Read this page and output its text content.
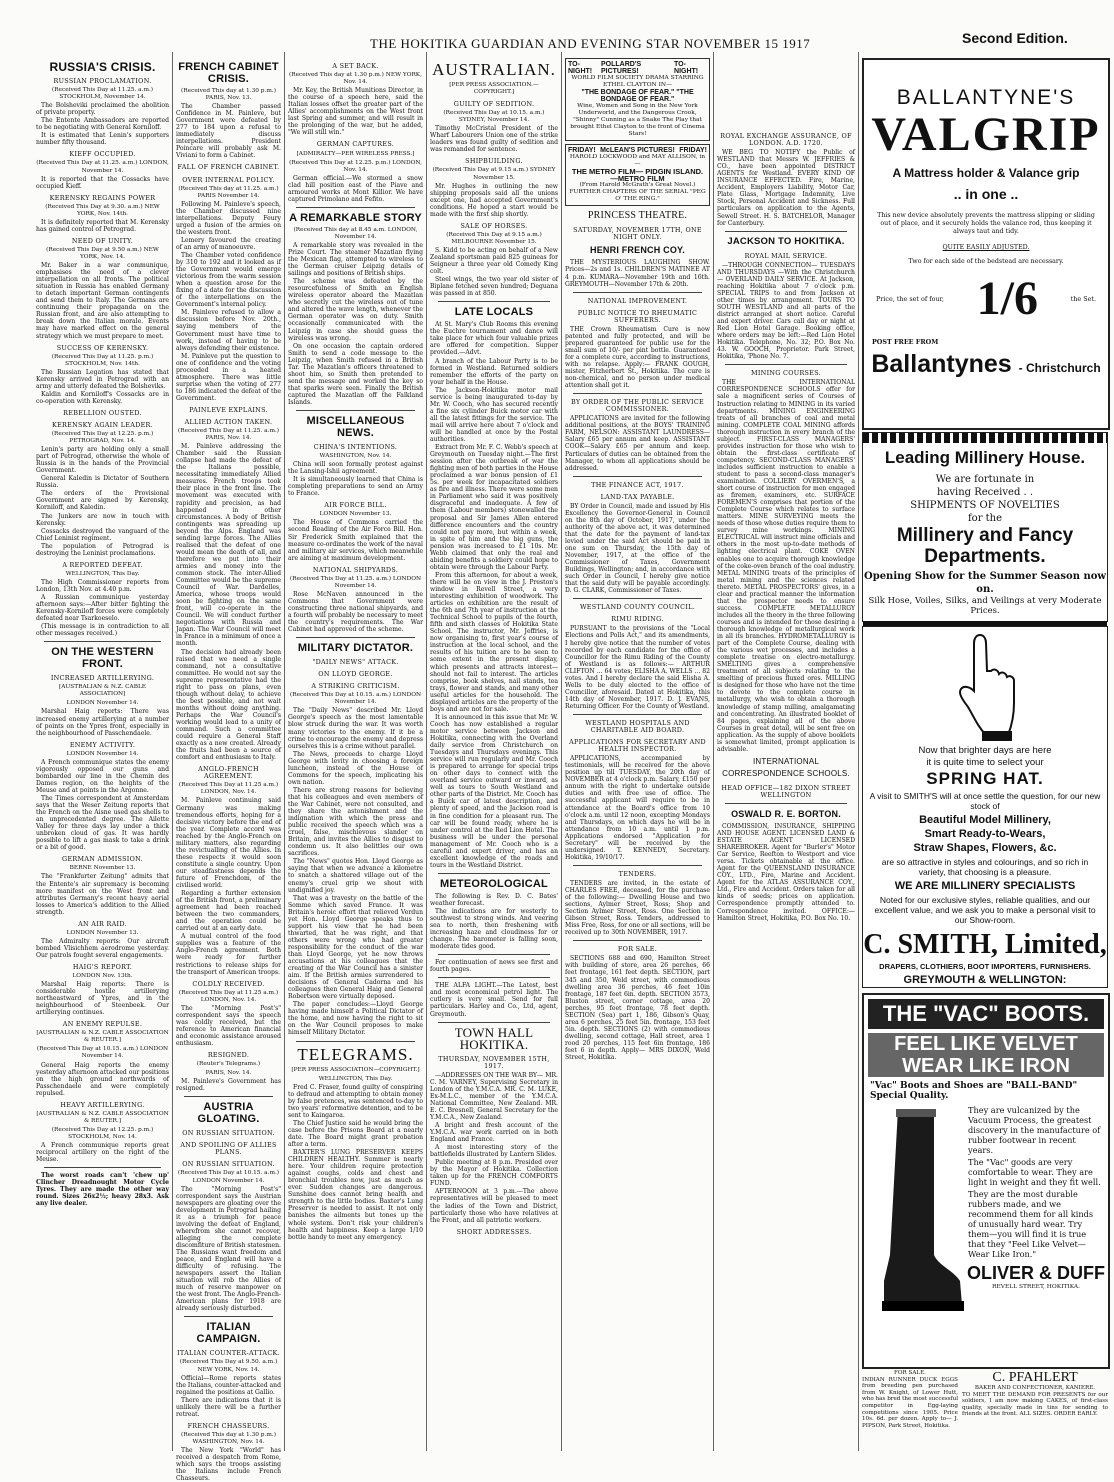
THE HOKITIKA GUARDIAN AND EVENING STAR NOVEMBER 15 1917	Second Edition.
RUSSIA'S CRISIS.
RUSSIAN PROCLAMATION.

(Received This Day at 11.25. a.m.) STOCKHOLM, November 14.

The Bolsheviki proclaimed the abolition of private property.

The Entente Ambassadors are reported to be negotiating with General Korniloff.

It is estimated that Lenin's supporters number fifty thousand.

KIEFF OCCUPIED.

(Received This Day at 11.25. a.m.) LONDON, November 14.

It is reported that the Cossacks have occupied Kieff.

KERENSKY REGAINS POWER

(Received This Day at 9.30. a.m.) NEW YORK, Nov. 14th.

It is definitely reported that M. Kerensky has gained control of Petrograd.

NEED OF UNITY.

(Received This Day at 9.50 a.m.) NEW YORK, Nov. 14.

Mr. Baker in a war communique, emphasises the need of a clever interpellation on all fronts. The political situation in Russia has enabled Germany to detach important German contingents and send them to Italy. The Germans are continuing their propaganda on the Russian front, and are also attempting to break down the Italian morale. Events may have marked effect on the general strategy which we must prepare to meet.

SUCCESS OF KERENSKY.

(Received This Day at 11.25. p.m.) STOCKHOLM, Nov. 14th.

The Russian Legation has stated that Kerensky arrived in Petrograd with an army and utterly defeated the Bolsheviks.

Kaldin and Korniloff's Cossacks are in co-operation with Kerensky.

REBELLION OUSTED.
KERENSKY AGAIN LEADER.

(Received This Day at 12.25. p.m.) PETROGRAD, Nov. 14.

Lenin's party are holding only a small part of Petrograd, otherwise the whole of Russia is in the hands of the Provincial Government.

General Kaledin is Dictator of Southern Russia.

The orders of the Provisional Government are signed by Kerensky, Korniloff, and Kaledin.

The Junkers are now in touch with Kerensky.

Cossacks destroyed the vanguard of the Chief Leninist regiment.

The population of Petrograd is destroying the Leninist proclamations.

A REPORTED DEFEAT.

WELLINGTON, This Day.

The High Commissioner reports from London, 13th Nov. at 4.40 p.m.

A Russian communique yesterday afternoon says:—After bitter fighting the Kerensky-Korniloff forces were completely defeated near Tsarkoeselo.

(This message is in contradiction to all other messages received.)

ON THE WESTERN FRONT.
INCREASED ARTILLERYING.

[AUSTRALIAN & N.Z. CABLE ASSOCIATION]

LONDON November 14.

Marshal Haig reports: There was increased enemy artillerying at a number of points on the Ypres front, especially in the neighbourhood of Passchendaele.

ENEMY ACTIVITY.

LONDON November 14.

A French communique states the enemy vigorously opposed our guns and bombarded our line in the Chemin des Dames region, on the heights of the Meuse and at points in the Argonne.

The Times correspondent at Amsterdam says that the Weser Zeitung reports that the French on the Aisne used gas shells to an unprecedented degree. The Ailette Valley for three days lay under a thick unbroken cloud of gas. It was hardly possible to lift a gas mask to take a drink or a bit of good.

GERMAN ADMISSION.

BERNE November 13.

The "Frankfurter Zeitung" admits that the Entente's air supremacy is becoming more manifest on the West front and attributes Germany's recent heavy aerial losses to America's addition to the Allied strength.

AN AIR RAID.

LONDON November 13.

The Admiralty reports: Our aircraft bombed Vlisichhem aerodrome yesterday. Our patrols fought several engagements.

HAIG'S REPORT.

LONDON Nov. 13th.

Marshal Haig reports: There is considerable hostile artillerying northeastward of Ypres, and in the neighbourhood of Steenbeek. Our artillerying continues.

AN ENEMY REPULSE.

[AUSTRALIAN & N.Z. CABLE ASSOCIATION & REUTER.]

(Received This Day at 10.15. a.m.) LONDON November 14.

General Haig reports the enemy yesterday afternoon attacked our positions on the high ground northwards of Passchendaele and were completely repulsed.

HEAVY ARTILLERYING.

[AUSTRALIAN & N.Z. CABLE ASSOCIATION & REUTER.]

(Received This Day at 12.25. p.m.) STOCKHOLM, Nov. 14.

A French communique reports great reciprocal artillery on the right of the Meuse.

The worst roads can't 'chew up' Clincher Dreadnought Motor Cycle Tyres. They are made the other way round. Sizes 26x2½; heavy 28x3. Ask any live dealer.

FRENCH CABINET CRISIS.

(Received This day at 1.30 p.m.) PARIS, Nov. 13.

The Chamber passed Confidence in M. Painleve, but Government were defeated by 277 to 184 upon a refusal to immediately discuss interpellations. President Poincare will probably ask M. Viviani to form a Cabinet.

FALL OF FRENCH CABINET.
OVER INTERNAL POLICY.

(Received This day at 11.25. a.m.) PARIS November 14.

Following M. Painleve's speech, the Chamber discussed nine interpellations. Deputy Feury urged a fusion of the armies on the western front.

Lemery favoured the creating of an army of manoeuvre.

The Chamber voted confidence by 310 to 192 and it looked as if the Government would emerge victorious from the warm session when a question arose for the fixing of a date for the discussion of the interpellations on the Government's internal policy.

M. Painleve refused to allow a discussion before Nov. 20th., saying members of the Government must have time to work, instead of having to be always defending their existence.

M. Painleve put the question to one of confidence and the voting proceeded in a heated atmosphere. There was little surprise when the voting of 277 to 186 indicated the defeat of the Government.

PAINLEVE EXPLAINS.
ALLIED ACTION TAKEN.

(Received This Day at 11.25. a.m.) PARIS, Nov. 14.

M. Painleve addressing the Chamber said the Russian collapse had made the defeat of the Italians possible, necessitating immediately Allied measures. French troops took their place in the front line. The movement was executed with rapidity and precision, as had happened in other circumstances. A body of British contingents was spreading up beyond the Alps. England was sending large forces. The Allies realised that the defeat of one would mean the death of all, and therefore we put into their armies and money into the common stock. The inter-Allied Committee would be the supreme Council of War. Dardelles, America, whose troops would soon be fighting on the same front, will co-operate in the Council. We will conduct further negotiations with Russia and Japan. The War Council will meet in France in a minimum of once a month.

The decision had already been raised that we need a single command, not a consultative committee. He would not say the supreme representative had the right to pass on plans, even though without delay, to achieve the best possible, and not wait months without doing anything. Perhaps the War Council's working would lead to a unity of command. Such a committee could require a General Staff exactly as a new created. Already the fruits had been a source of comfort and enthusiasm to Italy.

ANGLO-FRENCH AGREEMENT.

(Received This Day at 11.25 a.m.) LONDON, Nov. 14.

M. Painleve continuing said Germany was making tremendous efforts, hoping for a decisive victory before the end of the year. Complete accord was reached by the Anglo-French on military matters, also regarding the revictualling of the Allies. In these respects it would soon constitute a single country. Upon our steadfastness depends the future of Frenchdom, of the civilised world.

Regarding a further extension of the British front, a preliminary agreement had been reached between the two commanders, and the operation could be carried out at an early date.

A mutual control of the food supplies was a feature of the Anglo-French agreement. Both were ready for further restrictions to release ships for the transport of American troops.

COLDLY RECEIVED.

(Received This Day at 11.25 a.m.) LONDON, Nov. 14.

The "Morning Post's" correspondent says the speech was coldly received, but the reference to American financial and economic assistance aroused enthusiasm.

RESIGNED.

(Reuter's Telegrams.)

PARIS, Nov. 14.

M. Painleve's Government has resigned.

AUSTRIA GLOATING.
ON RUSSIAN SITUATION.
AND SPOILING OF ALLIES PLANS.
ON RUSSIAN SITUATION.

(Received This Day at 10.15. a.m.) LONDON November 14.

The "Morning Post's" correspondent says the Austrian newspapers are gloating over the development in Petrograd hailing it as a triumph for peace involving the defeat of England, wherefrom she cannot recover, alleging the complete discomfiture of British statesmen. The Russians want freedom and peace, and England will have a difficulty of refusing. The newspapers assert the Italian situation will rob the Allies of much of reserve manpower on the west front. The Anglo-French-American plans for 1918 are already seriously disturbed.

ITALIAN CAMPAIGN.
ITALIAN COUNTER-ATTACK.

(Received This Day at 9.50. a.m.) NEW YORK, Nov. 14.

Official—Rome reports states the Italians, counter-attacked and regained the positions at Gallio.

There are indications that it is unlikely there will be a further retreat.

FRENCH CHASSEURS.

(Received This day at 1.30 p.m.) WASHINGTON, Nov. 14.

The New York "World" has received a despatch from Rome, which says the troops assisting the Italians include French Chasseurs.

A SET BACK.

(Received This day at 1.30 p.m.) NEW YORK, Nov. 14.

Mr. Key, the British Munitions Director, in the course of a speech here, said the Italian losses offset the greater part of the Allies' accomplishments on the West front last Spring and summer, and will result in the prolonging of the war, but he added, "We will still win."

GERMAN CAPTURES.

[ADMIRALTY—PER WIRELESS PRESS.]

(Received This Day at 12.25. p.m.) LONDON, Nov. 14.

German official.—We stormed a snow clad hill position east of the Piave and armoured works at Mont Killior. We have captured Primolano and Fefito.

A REMARKABLE STORY

(Received This day at 8.45 a.m. LONDON, November 14.

A remarkable story was revealed in the Prize Court. The steamer Mazatlan flying the Mexican flag, attempted to wireless to the German cruiser Leipzig details of sailings and positions of British ships.

The scheme was defeated by the resourcefulness of Smith an English wireless operator aboard the Mazatlan who secretly cut the wireless out of tune and altered the wave length, whenever the German operator was on duty. Smith occasionally communicated with the Leipzig in case she should guess the wireless was wrong.

On one occasion the captain ordered Smith to send a code message to the Leipzig, when Smith refused in a British Tar. The Mazatlan's officers threatened to shoot him, so Smith then pretended to send the message and worked the key so that sparks were seen. Finally the British captured the Mazatlan off the Falkland Islands.

MISCELLANEOUS NEWS.
CHINA'S INTENTIONS.

WASHINGTON, Nov. 14.

China will soon formally protest against the Lansing-Ishii agreement.

It is simultaneously learned that China is completing preparations to send an Army to France.

AIR FORCE BILL.

LONDON November 13.

The House of Commons carried the second Reading of the Air Force Bill. Hon. Sir Frederick Smith explained that the measure co-ordinates the work of the naval and military air services, which meanwhile are aiming at maximum development.

NATIONAL SHIPYARDS.

(Received This Day at 11.25. a.m.) LONDON November 14.

Rose McNaven announced in the Commons that Government were constructing three national shipyards, and a fourth will probably be necessary to meet the country's requirements. The War Cabinet had approved of the scheme.

MILITARY DICTATOR.
"DAILY NEWS" ATTACK.
ON LLOYD GEORGE.
A STRIKING CRITICISM.

(Received This Day at 10.15. a.m.) LONDON November 14.

The "Daily News" described Mr. Lloyd George's speech as the most lamentable blow struck during the war. It was worth many victories to the enemy. If it be a crime to encourage the enemy and depress ourselves this is a crime without parallel.

The News, proceeds to charge Lloyd George with levity in choosing a foreign luncheon, instead of the House of Commons for the speech, implicating his own nation.

There are strong reasons for believing that his colleagues and even members of the War Cabinet, were not consulted, and they share the astonishment and the indignation with which the press and public received the speech which was a cruel, false, mischievous slander on Britain, and invites the Allies to disgust to condemn us. It also belittles our own sacrifices.

The "News" quotes Hon. Lloyd George as saying that when we advance a kilometre to snatch a shattered village out of the enemy's cruel grip we shout with undignified joy.

That was a travesty on the battle of the Somme which saved France. It was Britain's heroic effort that relieved Verdun yet Hon. Lloyd George speaks thus to support his view that he had been thwarted, that he was right, and that others were wrong who had greater responsibility for the conduct of the war than Lloyd George, yet he now throws accusations at his colleagues that the creating of the War Council has a sinister aim. If the British armies surrendered to decisions of General Cadorna and his colleagues then General Haig and General Robertson were virtually deposed.

The paper concludes:—Lloyd George having made himself a Political Dictator of the home, and now having the right to sit on the War Council proposes to make himself Military Dictator.

TELEGRAMS.

[PER PRESS ASSOCIATION—COPYRIGHT.]

WELLINGTON, This Day.

Fred C. Fraser, found guilty of conspiring to defraud and attempting to obtain money by false pretences, was sentenced to-day to two years' reformative detention, and to be sent to Kaingaroa.

The Chief Justice said he would bring the case before the Prisons Board at a nearly date. The Board might grant probation after a term.

BAXTER'S LUNG PRESERVER KEEPS CHILDREN HEALTHY. Summer is nearly here. Your children require protection against coughs, colds and chest and bronchial troubles now, just as much as ever. Sudden changes are dangerous. Sunshine does cannot bring health and strength to the little bodies. Baxter's Lung Preserver is needed to assist. It not only banishes the ailments but tones up the whole system. Don't risk your children's health and happiness. Keep a large 1/10 bottle handy to meet any emergency.

AUSTRALIAN.

[PER PRESS ASSOCIATION.—COPYRIGHT.]

GUILTY OF SEDITION.

(Received This Day at 10.15. a.m.) SYDNEY, November 14.

Timothy McCristal President of the Wharf Labourers Union one of the strike leaders was found guilty of sedition and was remanded for sentence.

SHIPBUILDING.

(Received This Day at 9.15 a.m.) SYDNEY November 15.

Mr. Hughes in outlining the new shipping proposals said all the unions except one, had accepted Government's conditions. He hoped a start would be made with the first ship shortly.

SALE OF HORSES.

(Received This Day at 9.15 a.m.) MELBOURNE November 15.

S. Kidd to be acting on behalf of a New Zealand sportsman paid 825 guineas for Seigneur a three year old Comedy King colt.

Steel wings, the two year old sister of Biplane fetched seven hundred; Deguana was passed in at 850.

LATE LOCALS

At St. Mary's Club Rooms this evening the Euchre tournament and dance will take place for which four valuable prizes are offered for competition. Supper provided.—Advt.

A branch of the Labour Party is to be formed in Westland. Returned soldiers remember the efforts of the party on your behalf in the House.

The Jackson-Hokitika motor mail service is being inaugurated to-day by Mr. W. Cooch, who has secured recently a fine six cylinder Buick motor car with all the latest fittings for the service. The mail will arrive here about 7 o'clock and will be handled at once by the Postal authorities.

Extract from Mr. F. C. Webb's speech at Greymouth on Tuesday night.—The first session after the outbreak of war the fighting men of both parties in the House proclaimed a war bonus pension of £1 5s. per week for incapacitated soldiers as fire and illness. There were some men in Parliament who said it was positively disgraceful and inadequate. A few of them (Labour members) stonewalled the proposal and Sir James Allen entered difference encounters and the country could not pay more, but within a week, in spite of him and the big guns, the pension was increased to £1 10s. Mr. Webb claimed that only the real and abiding benefits a soldiery could hope to obtain were through the Labour Party.

From this afternoon, for about a week, there will be on view in the J. Preston's window in Revell Street, a very interesting exhibition of woodwork. The articles on exhibition are the result of the 6th and 7th year of instruction at the Technical School to pupils of the fourth, fifth and sixth classes of Hokitika State School. The instructor, Mr. Jeffries, is now organising to, first year's course of instruction at the local school, and the results of his tuition are to be seen to some extent in the present display, which presents and attracts interest—should not fail to interest. The articles comprise, book shelves, nail stands, tea trays, flower and stands, and many other useful articles for the household. The displayed articles are the property of the boys and are not for sale.

It is announced in this issue that Mr. W. Cooch has now established a regular motor service between Jackson and Hokitika, connecting with the Overland daily service from Christchurch on Tuesdays and Thursdays evenings. This service will run regularly and Mr. Cooch is prepared to arrange for special trips on other days to connect with the overland service outward or inward, as well as tours to South Westland and other parts of the District. Mr. Cooch has a Buick car of latest description, and plenty of speed, and the Jackson road is in fine condition for a pleasant run. The car will be found ready, where he is under control at the Red Lion Hotel. The business will be under the personal management of Mr. Cooch who is a careful and expert driver, and has an excellent knowledge of the roads and tours in the Westland District.

METEOROLOGICAL

The following is Rev. D. C. Bates' weather forecast.

The indications are for westerly to southwest to strong winds. And veering sea to north, then freshening with increasing haze and cloudiness for or change. The barometer is falling soon, moderate tides good.

For continuation of news see first and fourth pages.

THE ALFA LIGHT.—The Latest, best and most economical petrol light. The cutlery is very small. Send for full particulars. Harley and Co., Ltd, agent, Greymouth.

TOWN HALL HOKITIKA.
THURSDAY, NOVEMBER 15TH, 1917.

—ADDRESSES ON THE WAR BY— MR. C. M. VARNEY, Supervising Secretary in London of the Y.M.C.A. MR. C. M. LUKE, Ex-M.L.C., member of the Y.M.C.A. National Committee, New Zealand. MR. E. C. Bresnell, General Secretary for the Y.M.C.A., New Zealand.

A bright and fresh account of the Y.M.C.A. war work carried on in both England and France.

A most interesting story of the battlefields illustrated by Lantern Slides.

Public meeting at 8 p.m. Presided over by the Mayor of Hokitika. Collection taken up for the FRENCH COMFORTS FUND.

AFTERNOON at 3 p.m.—The above representatives will be pleased to meet the ladies of the Town and District, particularly those who have relatives at the Front, and all patriotic workers.

SHORT ADDRESSES.
TO-NIGHT!
POLLARD'S PICTURES!
TO-NIGHT!
WORLD FILM SOCIETY DRAMA STARRING ETHEL CLAYTON IN—
"THE BONDAGE OF FEAR." "THE BONDAGE OF FEAR."
Wine, Women and Song in the New York Underworld, and the Dangerous Crook, "Shinny" Cunning as a Snake The Play that brought Ethel Clayton to the front of Cinema Stars!
FRIDAY! McLEAN'S PICTURES! FRIDAY!
HAROLD LOCKWOOD and MAY ALLISON, in—
THE METRO FILM— PIDGIN ISLAND. —METRO FILM
(From Harold McGrath's Great Novel.)
FURTHER CHAPTERS OF THE SERIAL "PEG O' THE RING."
PRINCESS THEATRE.
SATURDAY, NOVEMBER 17TH, ONE NIGHT ONLY.
HENRI FRENCH COY.

THE MYSTERIOUS LAUGHING SHOW. Prices—2s and 1s. CHILDREN'S MATINEE AT 4 p.m. KUMARA—November 19th and 16th. GREYMOUTH—November 17th & 20th.

NATIONAL IMPROVEMENT.
PUBLIC NOTICE TO RHEUMATIC SUFFERERS.

THE Crown Rheumatism Cure is now patented and fully protected, and will be prepared guaranteed for public use for the small sum of 10/- per pint bottle. Guaranteed for a complete cure, according to instructions, with no relapse. Apply:— FRANK GOUGH, mister, Fitzherbert St., Hokitika. The cure is non-chemical, and no person under medical attention shall get it.

BY ORDER OF THE PUBLIC SERVICE COMMISSIONER.

APPLICATIONS are invited for the following additional positions, at the BOYS' TRAINING FARM, NELSON: ASSISTANT LAUNDRESS—Salary £65 per annum and keep. ASSISTANT COOK—Salary £65 per annum and keep. Particulars of duties can be obtained from the Manager, to whom all applications should be addressed.

THE FINANCE ACT, 1917.
LAND-TAX PAYABLE.

BY Order in Council, made and issued by His Excellency the Governor-General in Council on the 8th day of October, 1917, under the authority of the above act, it was determined that the date for the payment of land-tax levied under the said Act should be paid in one sum on Thursday, the 15th day of November, 1917, at the office of the Commissioner of Taxes, Government Buildings, Wellington; and, in accordance with such Order in Council, I hereby give notice that the said duty will be payable accordingly. D. G. CLARK, Commissioner of Taxes.

WESTLAND COUNTY COUNCIL.
RIMU RIDING.

PURSUANT to the provisions of the "Local Elections and Polls Act," and its amendments, I hereby give notice that the number of votes recorded by each candidate for the office of Councillor for the Rimu Riding of the County of Westland is as follows:— ARTHUR CLIFTON ... 64 votes; ELISHA A. WELLS ... 82 votes. And I hereby declare the said Elisha A. Wells to be duly elected to the office of Councillor, aforesaid. Dated at Hokitika, this 14th day of November, 1917. D. J. EVANS, Returning Officer. For the County of Westland.

WESTLAND HOSPITALS AND CHARITABLE AID BOARD.
APPLICATIONS FOR SECRETARY AND HEALTH INSPECTOR.

APPLICATIONS, accompanied by testimonials, will be received for the above position up till TUESDAY, the 20th day of NOVEMBER at 4 o'clock p.m. Salary, £150 per annum with the right to undertake outside duties and with free use of office. The successful applicant will require to be in attendance at the Board's office from 10 o'clock a.m. until 12 noon, excepting Mondays and Thursdays, on which days he will be in attendance from 10 a.m. until 1 p.m. Applications endorsed "Application for Secretary" will be received by the undersigned. T. KENNEDY, Secretary. Hokitika, 19/10/17.

TENDERS.

TENDERS are invited, in the estate of CHARLES FREE, deceased, for the purchase of the following:— Dwelling House and two sections, Aylmer Street, Ross; Shop and Section Aylmer Street, Ross. One Section in Gibson Street, Ross. Tenders, addressed to Miss Free, Ross, for one or all sections, will be received up to 30th NOVEMBER, 1917.

FOR SALE.

SECTIONS 688 and 690, Hamilton Street with building of store, area 26 perches, 66 feet frontage, 161 feet depth. SECTION, part 345 and 350, Weld street, with commodious dwelling area 36 perches, 46 feet 10in frontage, 187 feet 6in. depth. SECTION 3573, Bluston street, corner cottage, area 20 perches, 95 feet frontage, 78 feet depth. SECTION (Sea) part 1, 186, Gibson's Quay, area 6 perches, 25 feet 5in. frontage, 153 feet 5in. depth. SECTIONS (2) with commodious dwelling, second cottage, Hall street, area 1 rood 20 perches, 115 feet 6in frontage, 186 feet 6 in depth. Apply— MRS DIXON, Weld Street, Hokitika.

ROYAL EXCHANGE ASSURANCE, OF LONDON. A.D. 1720.

WE BEG TO NOTIFY the Public of WESTLAND that Messrs W. JEFFRIES & CO., have been appointed DISTRICT AGENTS for Westland. EVERY KIND OF INSURANCE EFFECTED. Fire, Marine, Accident, Employers Liability, Motor Car, Plate Glass, Mortgage Indemnity, Live Stock, Personal Accident and Sickness. Full particulars on application to the Agents, Sewell Street. H. S. BATCHELOR, Manager for Canterbury.

JACKSON TO HOKITIKA.
ROYAL MAIL SERVICE.

—THROUGH CONNECTION— TUESDAYS AND THURSDAYS —With the Christchurch— OVERLAND DAILY SERVICE. At Jackson, reaching Hokitika about 7 o'clock p.m. SPECIAL TRIPS to and from Jackson at other times by arrangement. TOURS TO SOUTH WESTLAND and all parts of the district arranged at short notice. Careful and expert driver. Cars call day or night at Red Lion Hotel Garage. Booking office, where orders may be left:—Red Lion Hotel Hokitika. Telephone, No. 32; P.O. Box No. 43. W. GOOCH, Proprietor. Park Street, Hokitika, 'Phone No. 7.

MINING COURSES.

THE INTERNATIONAL CORRESPONDENCE SCHOOLS offer for sale a magnificent series of Courses of Instruction relating to MINING in its varied departments. MINING ENGINEERING treats of all branches of coal and metal mining. COMPLETE COAL MINING affords thorough instruction in every branch of the subject. FIRST-CLASS MANAGERS' provides instruction for those who wish to obtain the first-class certificate of competency. SECOND-CLASS MANAGERS' includes sufficient instruction to enable a student to pass a second-class manager's examination. COLLIERY OVERMEN'S, a short course of instruction for men engaged as firemen, examiners, etc. SURFACE FOREMEN'S comprises that portion of the Complete Course which relates to surface matters. MINE SURVEYING meets the needs of those whose duties require them to survey mine workings. MINING ELECTRICAL will instruct mine officials and others in the most up-to-date methods of lighting electrical plant. COKE OVEN enables one to acquire thorough knowledge of the coke-oven branch of the coal industry. METAL MINING treats of the principles of metal mining and the sciences related thereto. METAL PROSPECTORS' gives, in a clear and practical manner the information that the prospector needs to ensure success. COMPLETE METALLURGY includes all the theory in the three following courses and is intended for those desiring a thorough knowledge of metallurgical work in all its branches. HYDROMETALLURGY is part of the Complete Course, dealing with the various wet processes, and includes a complete treatise on electro-metallurgy. SMELTING gives a comprehensive treatment of all subjects relating to the smelting of precious fluxed ores. MILLING is designed for those who have not the time to devote to the complete course in metallurgy, who wish to obtain a thorough knowledge of stamp milling, amalgamating and concentrating. An illustrated booklet of 84 pages, explaining all of the above Courses in great detail, will be sent free on application. As the supply of above booklets is somewhat limited, prompt application is advisable.

INTERNATIONAL CORRESPONDENCE SCHOOLS.
HEAD OFFICE—182 DIXON STREET WELLINGTON
OSWALD R. E. BORTON.

COMMISSION, INSURANCE, SHIPPING AND HOUSE AGENT. LICENSED LAND & ESTATE AGENT LICENSED SHAREBROKER. Agent for "Burler's" Motor Car Service, Reefton to Westport and vice versa. Tickets obtainable at the office. Agent for the QUEENSLAND INSURANCE COY., LTD., Fire, Marine and Accident. Agent for the ATLAS ASSURANCE COY., Ltd., Fire and Accident. Orders taken for all kinds of seeds; prices on application. Correspondence promptly attended to. Correspondence invited. OFFICE:—Hamilton Street, Hokitika, P.O. Box No. 10.

BALLANTYNE'S
VALGRIP
A Mattress holder & Valance grip
.. in one ..
This new device absolutely prevents the mattress slipping or sliding out of place, and it securely holds the valance rod, thus keeping it always taut and tidy.
QUITE EASILY ADJUSTED.
Two for each side of the bedstead are necessary.
Price, the set of four, 1/6	the Set.
POST FREE FROM
Ballantynes - Christchurch
Leading Millinery House.
We are fortunate in
having Received . .
SHIPMENTS OF NOVELTIES
for the
Millinery and Fancy
Departments.
Opening Show for the Summer Season now on.
Silk Hose, Voiles, Silks, and Veilings at very Moderate Prices.
Now that brighter days are here
it is quite time to select your
SPRING HAT.
A visit to SMITH'S will at once settle the question, for our new stock of
Beautiful Model Millinery,
Smart Ready-to-Wears,
Straw Shapes, Flowers, &c.
are so attractive in styles and colourings, and so rich in variety, that choosing is a pleasure.
WE ARE MILLINERY SPECIALISTS
Noted for our exclusive styles, reliable qualities, and our excellent value, and we ask you to make a personal visit to our Show-room.
C. SMITH, Limited,
DRAPERS, CLOTHIERS, BOOT IMPORTERS, FURNISHERS.
GREYMOUTH & WELLINGTON:
THE "VAC" BOOTS.
FEEL LIKE VELVET
WEAR LIKE IRON
"Vac" Boots and Shoes are "BALL-BAND" Special Quality.
They are vulcanized by the Vacuum Process, the greatest discovery in the manufacture of rubber footwear in recent years.
The "Vac" goods are very comfortable to wear. They are light in weight and they fit well.
They are the most durable rubbers made, and we recommend them for all kinds of unusually hard wear. Try them—you will find it is true that they "Feel Like Velvet—Wear Like Iron."
OLIVER & DUFF
REVELL STREET, HOKITIKA.
FOR SALE.
INDIAN RUNNER DUCK EGGS from breeding pen purchased from W. Knight, of Lower Hutt, who has bred the most successful competitor in Egg-laying competitions since 1905. Price 10s. 6d. per dozen. Apply to— J. PIPSON, Park Street, Hokitika.
C. PFAHLERT
BAKER AND CONFECTIONER, KANIERE.
TO MEET THE DEMAND FOR PRESENTS for our soldiers, I am now making CAKES, of first-class quality, specially made in tins for sending to friends at the front. ALL SIZES. ORDER EARLY.
